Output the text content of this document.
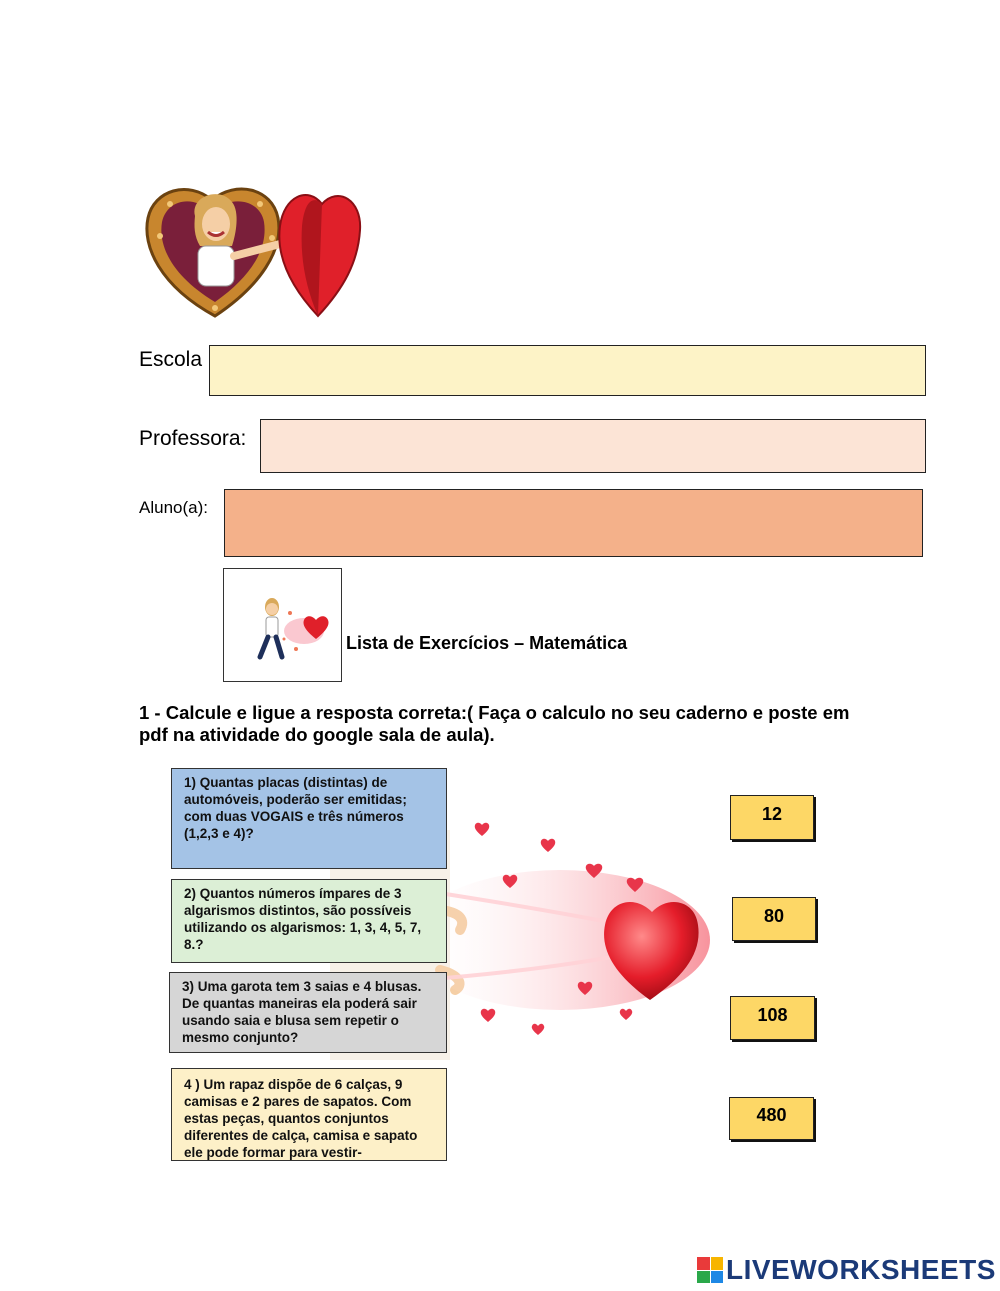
Escola
Professora:
Aluno(a):
Lista de Exercícios – Matemática
1 - Calcule e ligue a resposta correta:( Faça o calculo no seu caderno e poste em pdf na atividade do google sala de aula).
1) Quantas placas (distintas) de automóveis, poderão ser emitidas; com duas VOGAIS e três números (1,2,3 e 4)?
2) Quantos números ímpares de 3 algarismos distintos, são possíveis utilizando os algarismos: 1, 3, 4, 5, 7, 8.?
3) Uma garota tem 3 saias e 4 blusas. De quantas maneiras ela poderá sair usando saia e blusa sem repetir o mesmo conjunto?
4 ) Um rapaz dispõe de 6 calças, 9 camisas e 2 pares de sapatos. Com estas peças, quantos conjuntos diferentes de calça, camisa e sapato ele pode formar para vestir-
12
80
108
480
LIVEWORKSHEETS
